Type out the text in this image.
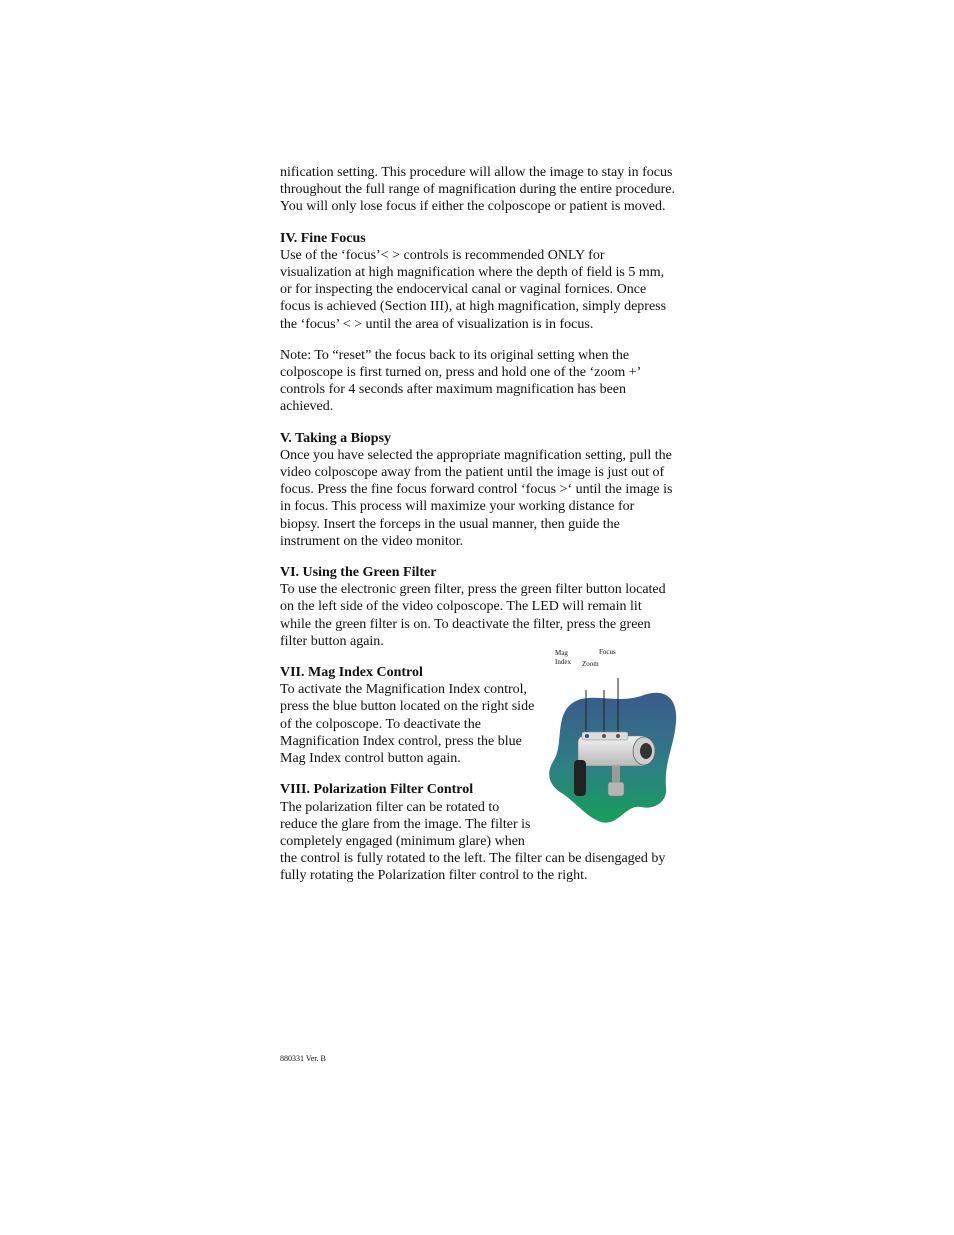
nification setting. This procedure will allow the image to stay in focus throughout the full range of magnification during the entire procedure. You will only lose focus if either the colposcope or patient is moved.

IV. Fine Focus

Use of the ‘focus’< > controls is recommended ONLY for visualization at high magnification where the depth of field is 5 mm, or for inspecting the endocervical canal or vaginal fornices. Once focus is achieved (Section III), at high magnification, simply depress the ‘focus’ < > until the area of visualization is in focus.

Note: To “reset” the focus back to its original setting when the colposcope is first turned on, press and hold one of the ‘zoom +’ controls for 4 seconds after maximum magnification has been achieved.

V. Taking a Biopsy

Once you have selected the appropriate magnification setting, pull the video colposcope away from the patient until the image is just out of focus. Press the fine focus forward control ‘focus >‘ until the image is in focus. This process will maximize your working distance for biopsy. Insert the forceps in the usual manner, then guide the instrument on the video monitor.

VI. Using the Green Filter

To use the electronic green filter, press the green filter button located on the left side of the video colposcope. The LED will remain lit while the green filter is on. To deactivate the filter, press the green filter button again.

Mag
Index Zoom
Focus
VII. Mag Index Control

To activate the Magnification Index control, press the blue button located on the right side of the colposcope. To deactivate the Magnification Index control, press the blue Mag Index control button again.

VIII. Polarization Filter Control

The polarization filter can be rotated to reduce the glare from the image. The filter is completely engaged (minimum glare) when the control is fully rotated to the left. The filter can be disengaged by fully rotating the Polarization filter control to the right.

880331 Ver. B
